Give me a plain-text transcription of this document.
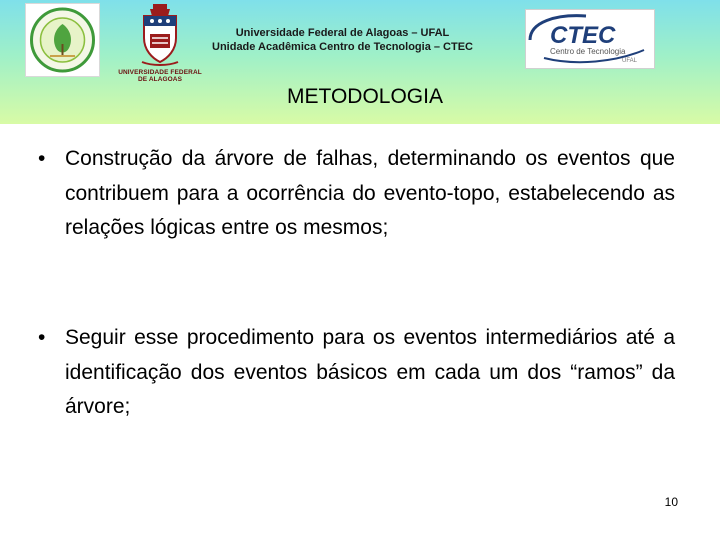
UNIVERSIDADE FEDERAL
DE ALAGOAS
Universidade Federal de Alagoas – UFAL
Unidade Acadêmica Centro de Tecnologia – CTEC	CTEC
Centro de Tecnologia
UFAL
METODOLOGIA
• Construção da árvore de falhas, determinando os eventos que contribuem para a ocorrência do evento-topo, estabelecendo as relações lógicas entre os mesmos;
• Seguir esse procedimento para os eventos intermediários até a identificação dos eventos básicos em cada um dos “ramos” da árvore;
10
